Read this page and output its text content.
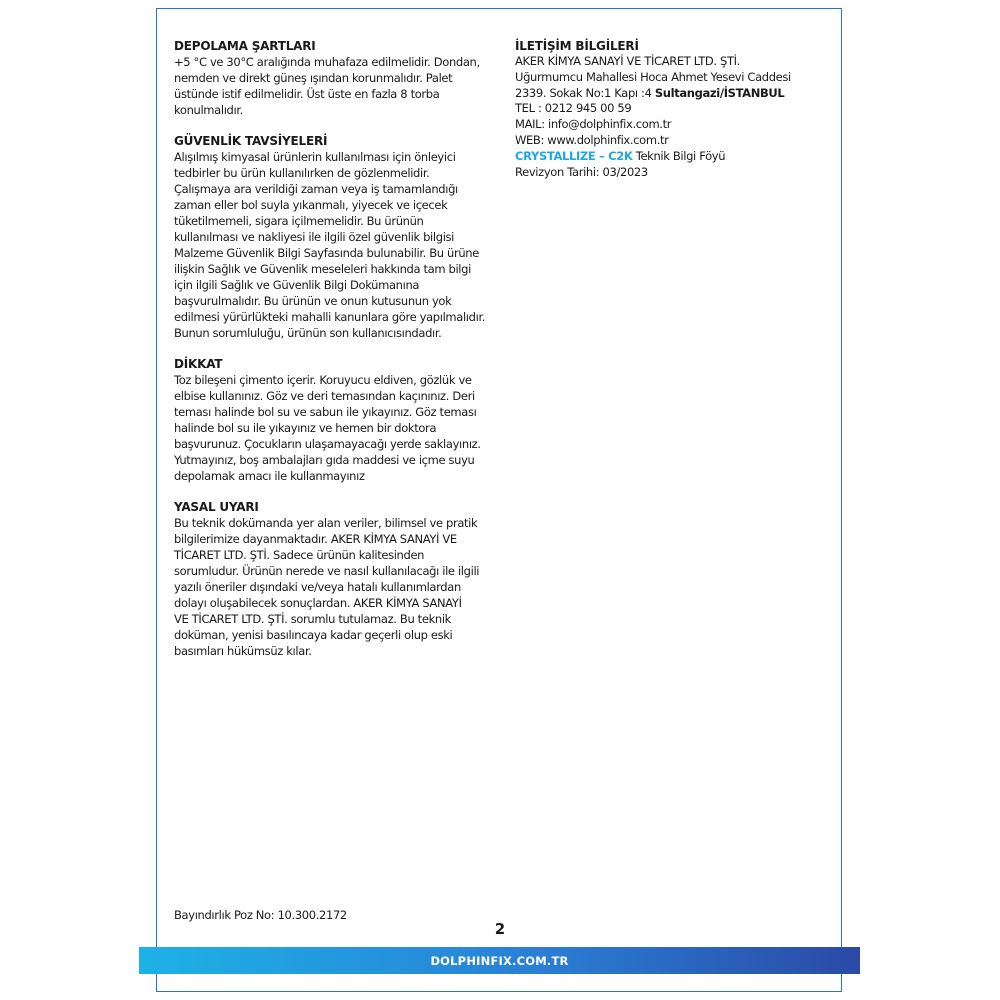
DEPOLAMA ŞARTLARI

+5 °C ve 30°C aralığında muhafaza edilmelidir. Dondan,
nemden ve direkt güneş ışından korunmalıdır. Palet
üstünde istif edilmelidir. Üst üste en fazla 8 torba
konulmalıdır.

GÜVENLİK TAVSİYELERİ

Alışılmış kimyasal ürünlerin kullanılması için önleyici
tedbirler bu ürün kullanılırken de gözlenmelidir.
Çalışmaya ara verildiği zaman veya iş tamamlandığı
zaman eller bol suyla yıkanmalı, yiyecek ve içecek
tüketilmemeli, sigara içilmemelidir. Bu ürünün
kullanılması ve nakliyesi ile ilgili özel güvenlik bilgisi
Malzeme Güvenlik Bilgi Sayfasında bulunabilir. Bu ürüne
ilişkin Sağlık ve Güvenlik meseleleri hakkında tam bilgi
için ilgili Sağlık ve Güvenlik Bilgi Dokümanına
başvurulmalıdır. Bu ürünün ve onun kutusunun yok
edilmesi yürürlükteki mahalli kanunlara göre yapılmalıdır.
Bunun sorumluluğu, ürünün son kullanıcısındadır.

DİKKAT

Toz bileşeni çimento içerir. Koruyucu eldiven, gözlük ve
elbise kullanınız. Göz ve deri temasından kaçınınız. Deri
teması halinde bol su ve sabun ile yıkayınız. Göz teması
halinde bol su ile yıkayınız ve hemen bir doktora
başvurunuz. Çocukların ulaşamayacağı yerde saklayınız.
Yutmayınız, boş ambalajları gıda maddesi ve içme suyu
depolamak amacı ile kullanmayınız

YASAL UYARI

Bu teknik dokümanda yer alan veriler, bilimsel ve pratik
bilgilerimize dayanmaktadır. AKER KİMYA SANAYİ VE
TİCARET LTD. ŞTİ. Sadece ürünün kalitesinden
sorumludur. Ürünün nerede ve nasıl kullanılacağı ile ilgili
yazılı öneriler dışındaki ve/veya hatalı kullanımlardan
dolayı oluşabilecek sonuçlardan. AKER KİMYA SANAYİ
VE TİCARET LTD. ŞTİ. sorumlu tutulamaz. Bu teknik
doküman, yenisi basılıncaya kadar geçerli olup eski
basımları hükümsüz kılar.

İLETİŞİM BİLGİLERİ

AKER KİMYA SANAYİ VE TİCARET LTD. ŞTİ.
Uğurmumcu Mahallesi Hoca Ahmet Yesevi Caddesi
2339. Sokak No:1 Kapı :4 Sultangazi/İSTANBUL
TEL : 0212 945 00 59
MAIL: info@dolphinfix.com.tr
WEB: www.dolphinfix.com.tr
CRYSTALLIZE – C2K Teknik Bilgi Föyü
Revizyon Tarihi: 03/2023
Bayındırlık Poz No: 10.300.2172
2
DOLPHINFIX.COM.TR
